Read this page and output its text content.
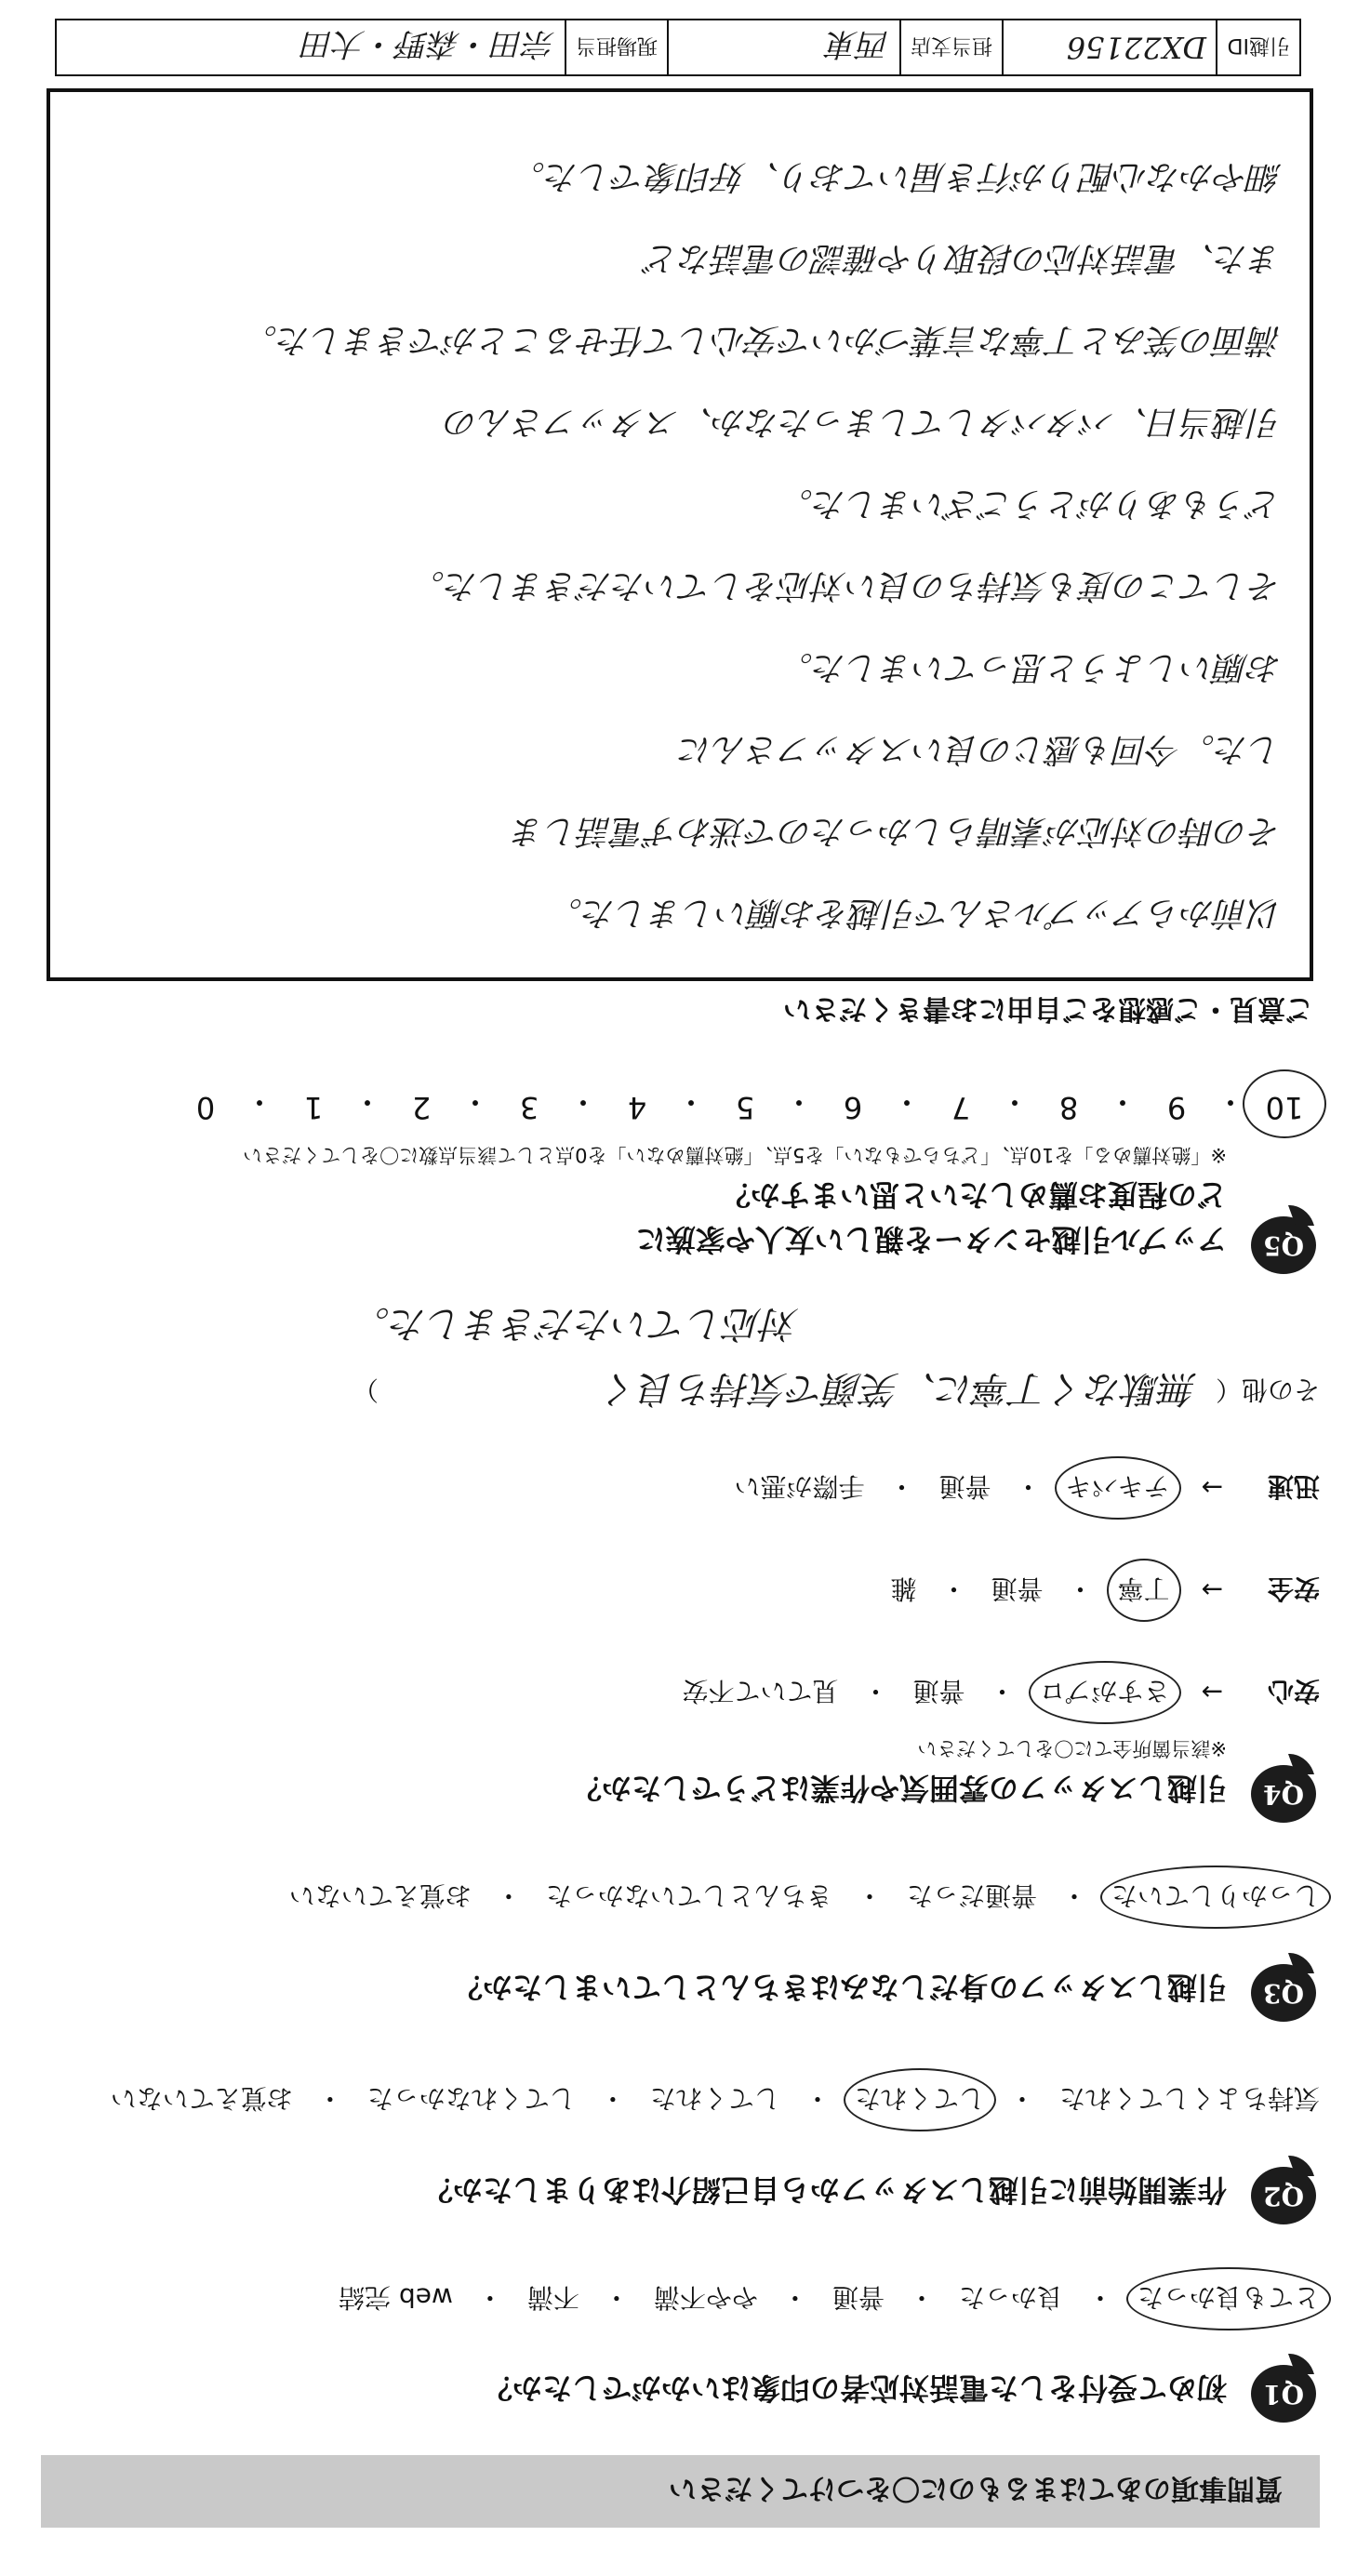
質問事項のあてはまるものに〇をつけてください
Q1
初めて受付をした電話対応者の印象はいかがでしたか？
とても良かった
・
良かった
・
普通
・
やや不満
・
不満
・
web 完結
Q2
作業開始前に引越しスタッフから自己紹介はありましたか？
気持ちよくしてくれた
・
してくれた
・
してくれた
・
してくれなかった
・
お覚えていない
Q3
引越しスタッフの身だしなみはきちんとしていましたか？
しっかりしていた
・
普通だった
・
きちんとしていなかった
・
お覚えていない
Q4
引越しスタッフの雰囲気や作業はどうでしたか？
※該当箇所全てに〇をしてください
安心
→
さすがプロ
・
普通
・
見ていて不安
安全
→
丁寧
・
普通
・
雑
迅速
→
テキパキ
・
普通
・
手際が悪い
その他（
無駄なく丁寧に、笑顔で気持ち良く
）
対応していただきました。
Q5
アップル引越センターを親しい友人や家族に
どの程度お薦めしたいと思いますか？
※「絶対薦める」を10点、「どちらでもない」を5点、「絶対薦めない」を0点として該当点数に〇をしてください
10
・
9
・
8
・
7
・
6
・
5
・
4
・
3
・
2
・
1
・
0
ご意見・ご感想をご自由にお書きください
以前からアップルさんで引越をお願いしました。
その時の対応が素晴らしかったので迷わず電話しま
した。今回も感じの良いスタッフさんに
お願いしようと思っていました。
そしてこの度も気持ちの良い対応をしていただきました。
どうもありがとうございました。
引越当日、バタバタしてしまったなか、スタッフさんの
満面の笑みと丁寧な言葉づかいで安心して任せることができました。
また、電話対応の段取りや確認の電話など
細やかな心配りが行き届いており、好印象でした。
引越ID
DX22156
担当支店
西東
現場担当
宗田・森野・大田
